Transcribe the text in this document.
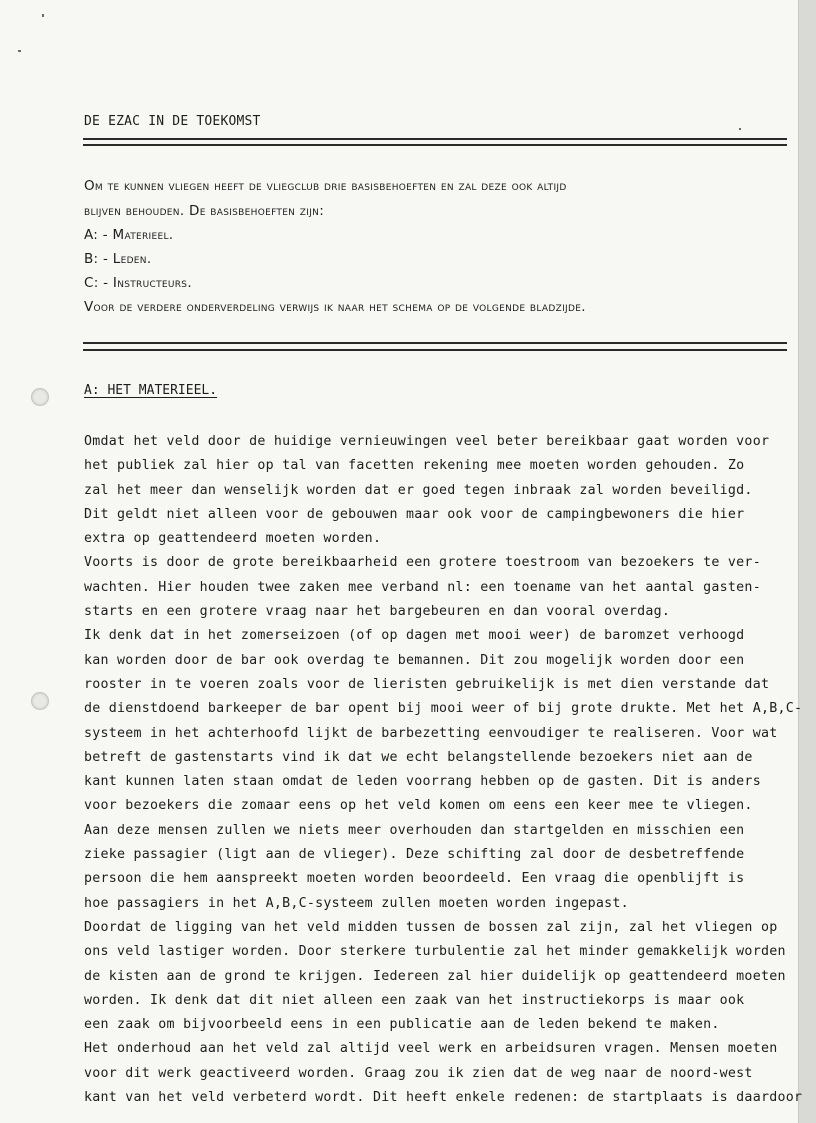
DE EZAC IN DE TOEKOMST
Om te kunnen vliegen heeft de vliegclub drie basisbehoeften en zal deze ook altijd
blijven behouden. De basisbehoeften zijn:
A: - Materieel.
B: - Leden.
C: - Instructeurs.
Voor de verdere onderverdeling verwijs ik naar het schema op de volgende bladzijde.
A: HET MATERIEEL.
Omdat het veld door de huidige vernieuwingen veel beter bereikbaar gaat worden voor
het publiek zal hier op tal van facetten rekening mee moeten worden gehouden. Zo
zal het meer dan wenselijk worden dat er goed tegen inbraak zal worden beveiligd.
Dit geldt niet alleen voor de gebouwen maar ook voor de campingbewoners die hier
extra op geattendeerd moeten worden.
Voorts is door de grote bereikbaarheid een grotere toestroom van bezoekers te ver-
wachten. Hier houden twee zaken mee verband nl: een toename van het aantal gasten-
starts en een grotere vraag naar het bargebeuren en dan vooral overdag.
Ik denk dat in het zomerseizoen (of op dagen met mooi weer) de baromzet verhoogd
kan worden door de bar ook overdag te bemannen. Dit zou mogelijk worden door een
rooster in te voeren zoals voor de lieristen gebruikelijk is met dien verstande dat
de dienstdoend barkeeper de bar opent bij mooi weer of bij grote drukte. Met het A,B,C-
systeem in het achterhoofd lijkt de barbezetting eenvoudiger te realiseren. Voor wat
betreft de gastenstarts vind ik dat we echt belangstellende bezoekers niet aan de
kant kunnen laten staan omdat de leden voorrang hebben op de gasten. Dit is anders
voor bezoekers die zomaar eens op het veld komen om eens een keer mee te vliegen.
Aan deze mensen zullen we niets meer overhouden dan startgelden en misschien een
zieke passagier (ligt aan de vlieger). Deze schifting zal door de desbetreffende
persoon die hem aanspreekt moeten worden beoordeeld. Een vraag die openblijft is
hoe passagiers in het A,B,C-systeem zullen moeten worden ingepast.
Doordat de ligging van het veld midden tussen de bossen zal zijn, zal het vliegen op
ons veld lastiger worden. Door sterkere turbulentie zal het minder gemakkelijk worden
de kisten aan de grond te krijgen. Iedereen zal hier duidelijk op geattendeerd moeten
worden. Ik denk dat dit niet alleen een zaak van het instructiekorps is maar ook
een zaak om bijvoorbeeld eens in een publicatie aan de leden bekend te maken.
Het onderhoud aan het veld zal altijd veel werk en arbeidsuren vragen. Mensen moeten
voor dit werk geactiveerd worden. Graag zou ik zien dat de weg naar de noord-west
kant van het veld verbeterd wordt. Dit heeft enkele redenen: de startplaats is daardoor
